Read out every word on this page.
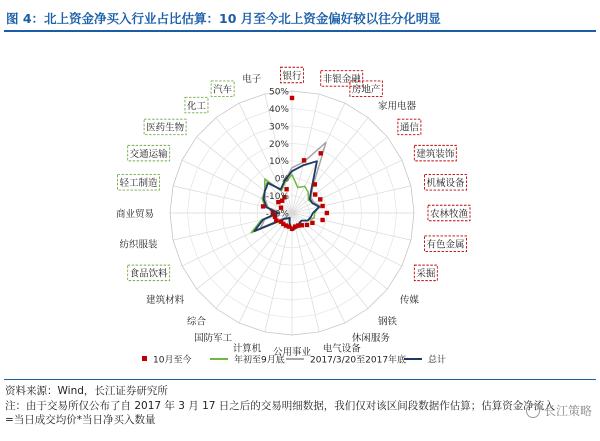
图 4：北上资金净买入行业占比估算：10 月至今北上资金偏好较以往分化明显
银行 非银金融
房地产
家用电器
通信
建筑装饰
机械设备
农林牧渔
有色金属
采掘
传媒
钢铁
休闲服务
电气设备
公用事业
计算机
国防军工
综合
建筑材料
食品饮料
纺织服装
商业贸易
轻工制造
交通运输
医药生物
化工
汽车
电子
-20%
-10%
0%
10%
20%
30%
40%
50%
10月至今	年初至9月底	2017/3/20至2017年底 总计
资料来源：Wind，长江证券研究所
注：由于交易所仅公布了自 2017 年 3 月 17 日之后的交易明细数据，我们仅对该区间段数据作估算；估算资金净流入
=当日成交均价*当日净买入数量
长江策略
